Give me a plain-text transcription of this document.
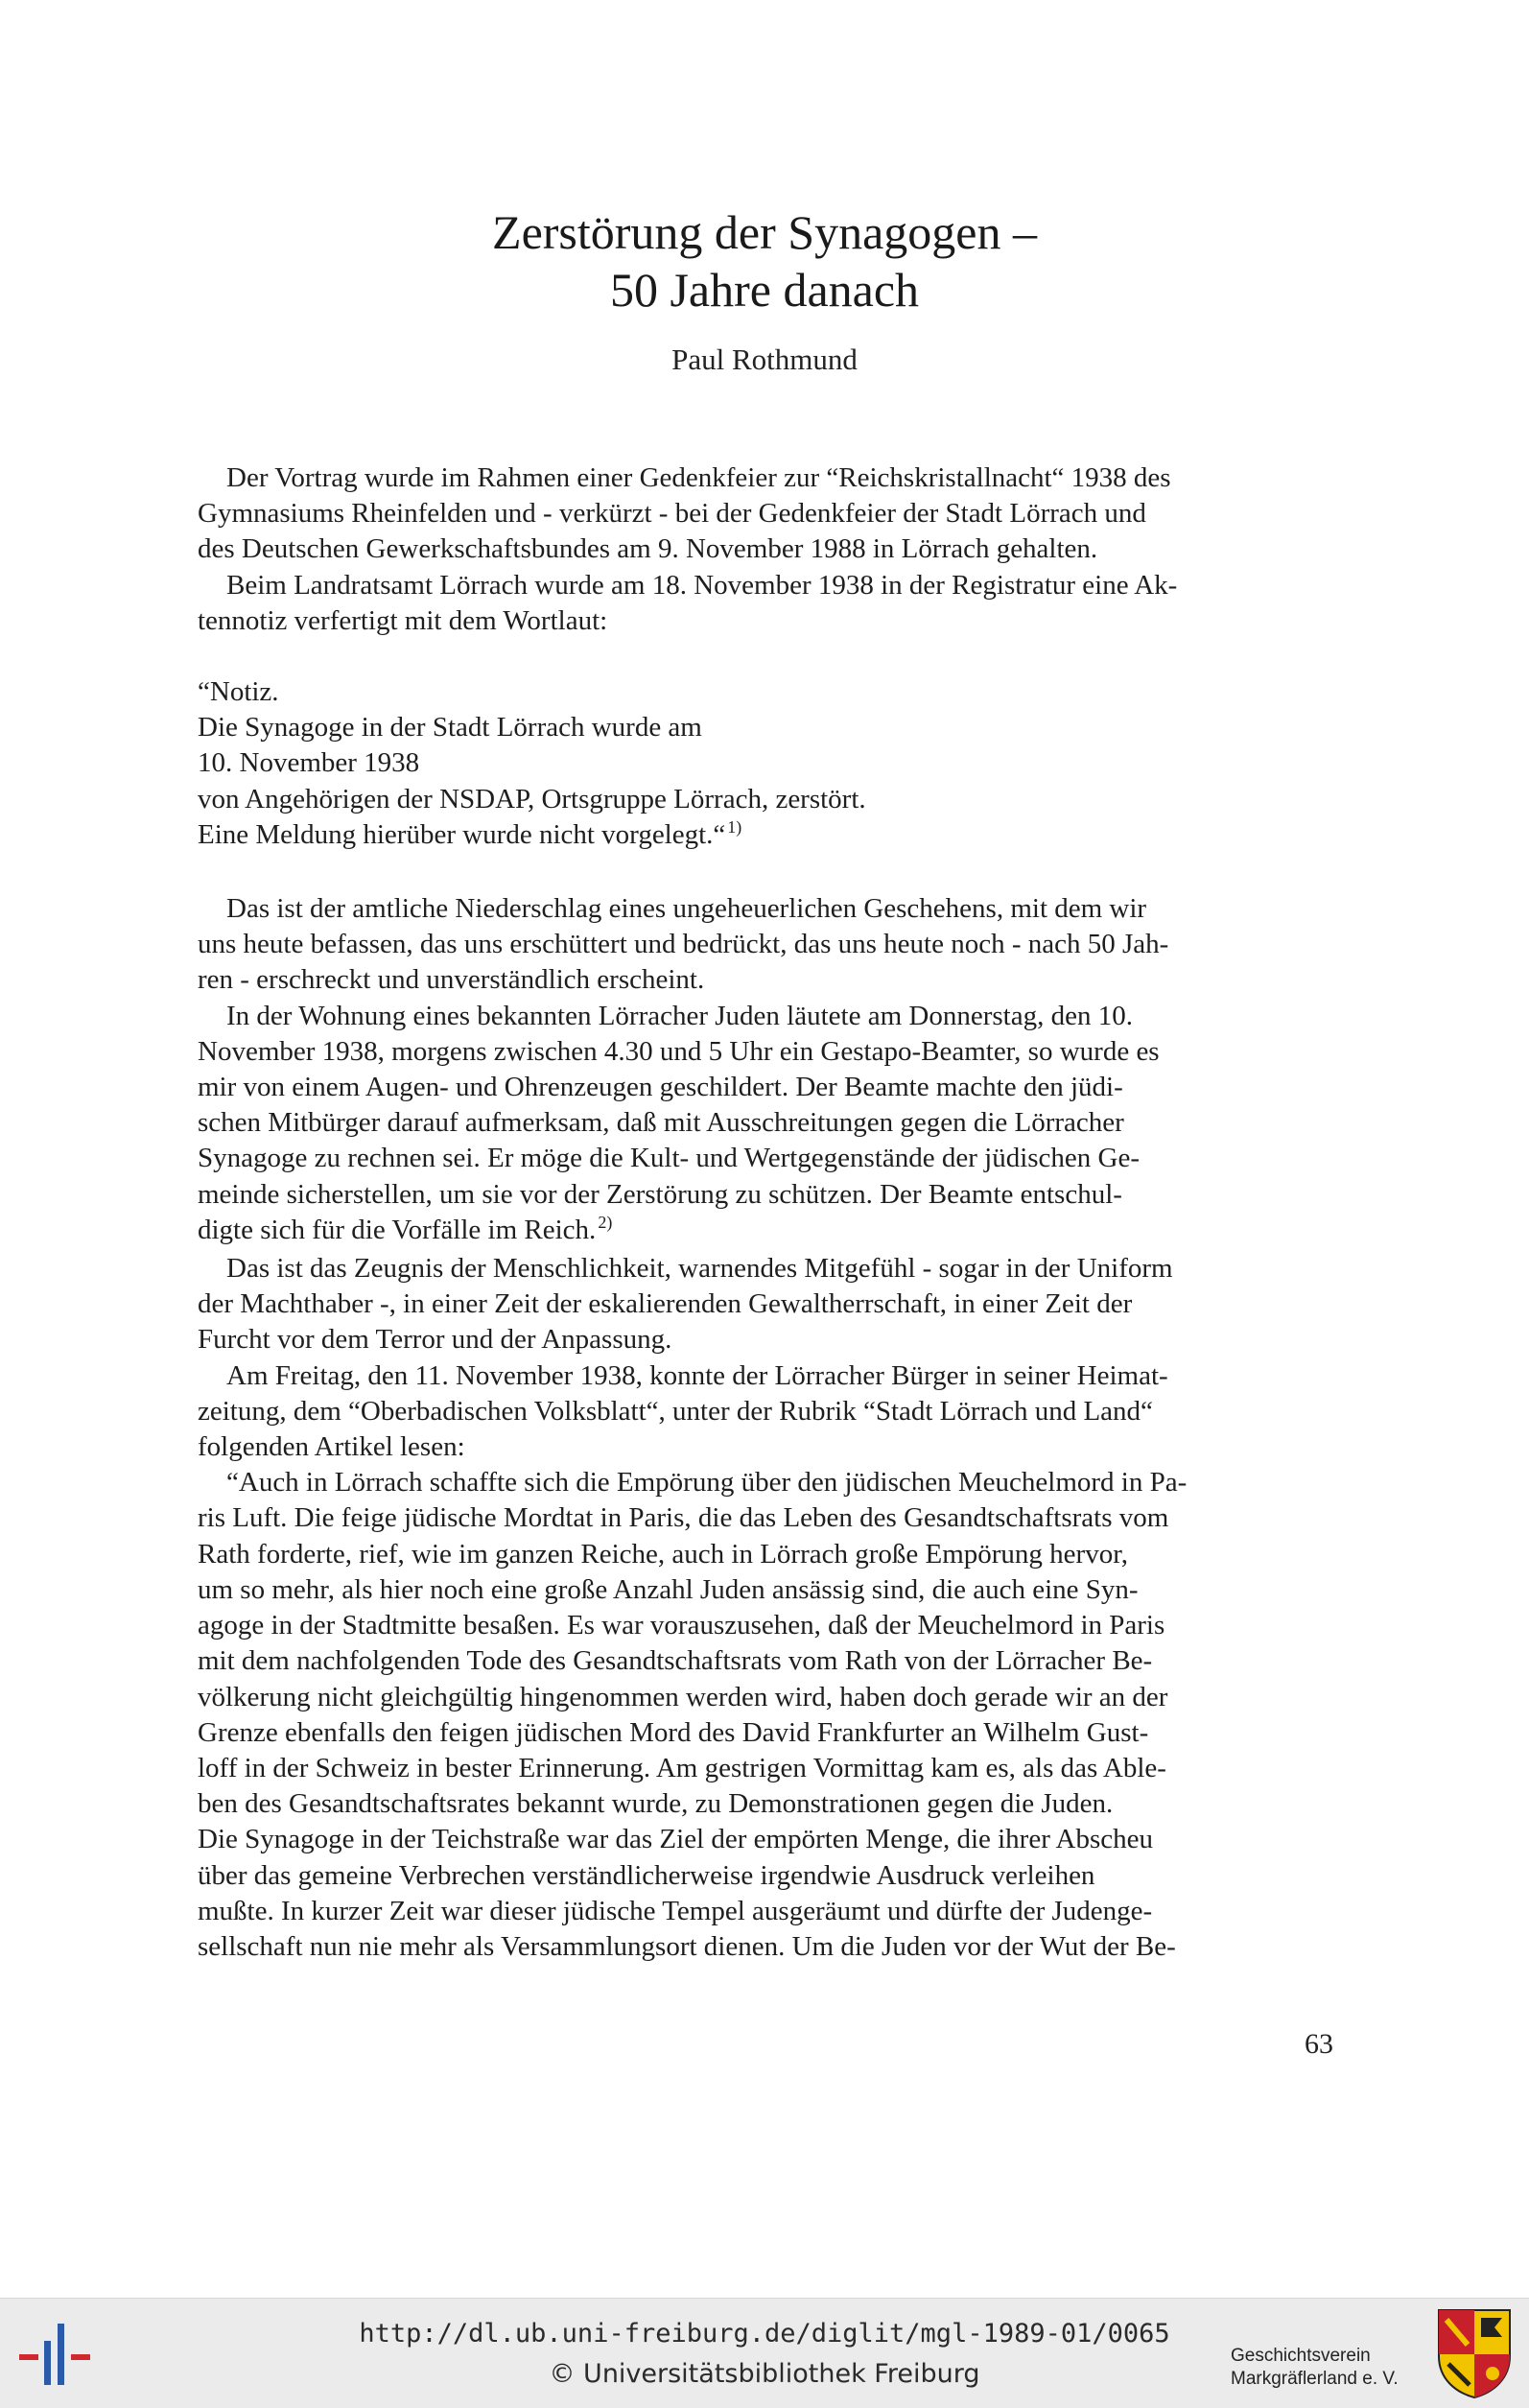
Zerstörung der Synagogen –
50 Jahre danach
Paul Rothmund

Der Vortrag wurde im Rahmen einer Gedenkfeier zur “Reichskristallnacht“ 1938 des
Gymnasiums Rheinfelden und - verkürzt - bei der Gedenkfeier der Stadt Lörrach und
des Deutschen Gewerkschaftsbundes am 9. November 1988 in Lörrach gehalten.

Beim Landratsamt Lörrach wurde am 18. November 1938 in der Registratur eine Ak-
tennotiz verfertigt mit dem Wortlaut:

“Notiz.
Die Synagoge in der Stadt Lörrach wurde am
10. November 1938
von Angehörigen der NSDAP, Ortsgruppe Lörrach, zerstört.
Eine Meldung hierüber wurde nicht vorgelegt.“ $^{1)}$

Das ist der amtliche Niederschlag eines ungeheuerlichen Geschehens, mit dem wir
uns heute befassen, das uns erschüttert und bedrückt, das uns heute noch - nach 50 Jah-
ren - erschreckt und unverständlich erscheint.

In der Wohnung eines bekannten Lörracher Juden läutete am Donnerstag, den 10.
November 1938, morgens zwischen 4.30 und 5 Uhr ein Gestapo-Beamter, so wurde es
mir von einem Augen- und Ohrenzeugen geschildert. Der Beamte machte den jüdi-
schen Mitbürger darauf aufmerksam, daß mit Ausschreitungen gegen die Lörracher
Synagoge zu rechnen sei. Er möge die Kult- und Wertgegenstände der jüdischen Ge-
meinde sicherstellen, um sie vor der Zerstörung zu schützen. Der Beamte entschul-
digte sich für die Vorfälle im Reich. $^{2)}$

Das ist das Zeugnis der Menschlichkeit, warnendes Mitgefühl - sogar in der Uniform
der Machthaber -, in einer Zeit der eskalierenden Gewaltherrschaft, in einer Zeit der
Furcht vor dem Terror und der Anpassung.

Am Freitag, den 11. November 1938, konnte der Lörracher Bürger in seiner Heimat-
zeitung, dem “Oberbadischen Volksblatt“, unter der Rubrik “Stadt Lörrach und Land“
folgenden Artikel lesen:

“Auch in Lörrach schaffte sich die Empörung über den jüdischen Meuchelmord in Pa-
ris Luft. Die feige jüdische Mordtat in Paris, die das Leben des Gesandtschaftsrats vom
Rath forderte, rief, wie im ganzen Reiche, auch in Lörrach große Empörung hervor,
um so mehr, als hier noch eine große Anzahl Juden ansässig sind, die auch eine Syn-
agoge in der Stadtmitte besaßen. Es war vorauszusehen, daß der Meuchelmord in Paris
mit dem nachfolgenden Tode des Gesandtschaftsrats vom Rath von der Lörracher Be-
völkerung nicht gleichgültig hingenommen werden wird, haben doch gerade wir an der
Grenze ebenfalls den feigen jüdischen Mord des David Frankfurter an Wilhelm Gust-
loff in der Schweiz in bester Erinnerung. Am gestrigen Vormittag kam es, als das Able-
ben des Gesandtschaftsrates bekannt wurde, zu Demonstrationen gegen die Juden.
Die Synagoge in der Teichstraße war das Ziel der empörten Menge, die ihrer Abscheu
über das gemeine Verbrechen verständlicherweise irgendwie Ausdruck verleihen
mußte. In kurzer Zeit war dieser jüdische Tempel ausgeräumt und dürfte der Judenge-
sellschaft nun nie mehr als Versammlungsort dienen. Um die Juden vor der Wut der Be-

63
http://dl.ub.uni-freiburg.de/diglit/mgl-1989-01/0065
© Universitätsbibliothek Freiburg
Geschichtsverein
Markgräflerland e. V.
